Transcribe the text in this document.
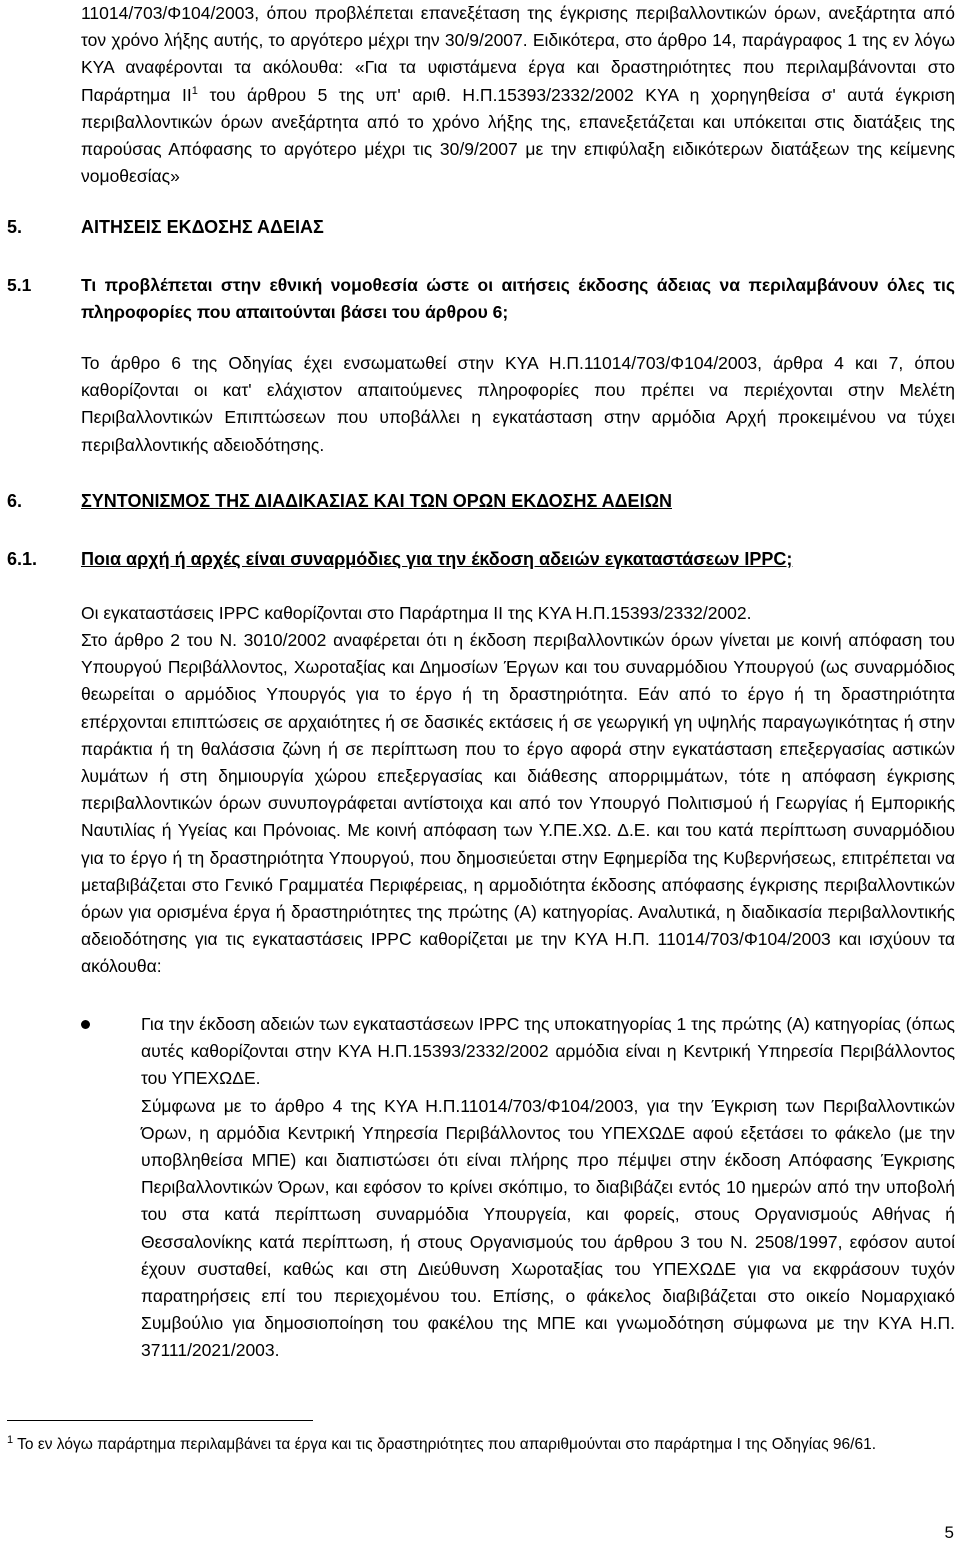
11014/703/Φ104/2003, όπου προβλέπεται επανεξέταση της έγκρισης περιβαλλοντικών όρων, ανεξάρτητα από τον χρόνο λήξης αυτής, το αργότερο μέχρι την 30/9/2007. Ειδικότερα, στο άρθρο 14, παράγραφος 1 της εν λόγω ΚΥΑ αναφέρονται τα ακόλουθα: «Για τα υφιστάμενα έργα και δραστηριότητες που περιλαμβάνονται στο Παράρτημα $II^1$ του άρθρου 5 της υπ' αριθ. Η.Π.15393/2332/2002 ΚΥΑ η χορηγηθείσα σ' αυτά έγκριση περιβαλλοντικών όρων ανεξάρτητα από το χρόνο λήξης της, επανεξετάζεται και υπόκειται στις διατάξεις της παρούσας Απόφασης το αργότερο μέχρι τις 30/9/2007 με την επιφύλαξη ειδικότερων διατάξεων της κείμενης νομοθεσίας»

5.	ΑΙΤΗΣΕΙΣ ΕΚΔΟΣΗΣ ΑΔΕΙΑΣ
5.1	Τι προβλέπεται στην εθνική νομοθεσία ώστε οι αιτήσεις έκδοσης άδειας να περιλαμβάνουν όλες τις πληροφορίες που απαιτούνται βάσει του άρθρου 6;

Το άρθρο 6 της Οδηγίας έχει ενσωματωθεί στην ΚΥΑ Η.Π.11014/703/Φ104/2003, άρθρα 4 και 7, όπου καθορίζονται οι κατ' ελάχιστον απαιτούμενες πληροφορίες που πρέπει να περιέχονται στην Μελέτη Περιβαλλοντικών Επιπτώσεων που υποβάλλει η εγκατάσταση στην αρμόδια Αρχή προκειμένου να τύχει περιβαλλοντικής αδειοδότησης.

6.	ΣΥΝΤΟΝΙΣΜΟΣ ΤΗΣ ΔΙΑΔΙΚΑΣΙΑΣ ΚΑΙ ΤΩΝ ΟΡΩΝ ΕΚΔΟΣΗΣ ΑΔΕΙΩΝ
6.1. Ποια αρχή ή αρχές είναι συναρμόδιες για την έκδοση αδειών εγκαταστάσεων IPPC;

Οι εγκαταστάσεις IPPC καθορίζονται στο Παράρτημα ΙΙ της ΚΥΑ Η.Π.15393/2332/2002.

Στο άρθρο 2 του Ν. 3010/2002 αναφέρεται ότι η έκδοση περιβαλλοντικών όρων γίνεται με κοινή απόφαση του Υπουργού Περιβάλλοντος, Χωροταξίας και Δημοσίων Έργων και του συναρμόδιου Υπουργού (ως συναρμόδιος θεωρείται ο αρμόδιος Υπουργός για το έργο ή τη δραστηριότητα. Εάν από το έργο ή τη δραστηριότητα επέρχονται επιπτώσεις σε αρχαιότητες ή σε δασικές εκτάσεις ή σε γεωργική γη υψηλής παραγωγικότητας ή στην παράκτια ή τη θαλάσσια ζώνη ή σε περίπτωση που το έργο αφορά στην εγκατάσταση επεξεργασίας αστικών λυμάτων ή στη δημιουργία χώρου επεξεργασίας και διάθεσης απορριμμάτων, τότε η απόφαση έγκρισης περιβαλλοντικών όρων συνυπογράφεται αντίστοιχα και από τον Υπουργό Πολιτισμού ή Γεωργίας ή Εμπορικής Ναυτιλίας ή Υγείας και Πρόνοιας. Με κοινή απόφαση των Υ.ΠΕ.ΧΩ. Δ.Ε. και του κατά περίπτωση συναρμόδιου για το έργο ή τη δραστηριότητα Υπουργού, που δημοσιεύεται στην Εφημερίδα της Κυβερνήσεως, επιτρέπεται να μεταβιβάζεται στο Γενικό Γραμματέα Περιφέρειας, η αρμοδιότητα έκδοσης απόφασης έγκρισης περιβαλλοντικών όρων για ορισμένα έργα ή δραστηριότητες της πρώτης (Α) κατηγορίας. Αναλυτικά, η διαδικασία περιβαλλοντικής αδειοδότησης για τις εγκαταστάσεις IPPC καθορίζεται με την ΚΥΑ Η.Π. 11014/703/Φ104/2003 και ισχύουν τα ακόλουθα:

Για την έκδοση αδειών των εγκαταστάσεων IPPC της υποκατηγορίας 1 της πρώτης (Α) κατηγορίας (όπως αυτές καθορίζονται στην ΚΥΑ Η.Π.15393/2332/2002 αρμόδια είναι η Κεντρική Υπηρεσία Περιβάλλοντος του ΥΠΕΧΩΔΕ.

Σύμφωνα με το άρθρο 4 της ΚΥΑ Η.Π.11014/703/Φ104/2003, για την Έγκριση των Περιβαλλοντικών Όρων, η αρμόδια Κεντρική Υπηρεσία Περιβάλλοντος του ΥΠΕΧΩΔΕ αφού εξετάσει το φάκελο (με την υποβληθείσα ΜΠΕ) και διαπιστώσει ότι είναι πλήρης προ πέμψει στην έκδοση Απόφασης Έγκρισης Περιβαλλοντικών Όρων, και εφόσον το κρίνει σκόπιμο, το διαβιβάζει εντός 10 ημερών από την υποβολή του στα κατά περίπτωση συναρμόδια Υπουργεία, και φορείς, στους Οργανισμούς Αθήνας ή Θεσσαλονίκης κατά περίπτωση, ή στους Οργανισμούς του άρθρου 3 του Ν. 2508/1997, εφόσον αυτοί έχουν συσταθεί, καθώς και στη Διεύθυνση Χωροταξίας του ΥΠΕΧΩΔΕ για να εκφράσουν τυχόν παρατηρήσεις επί του περιεχομένου του. Επίσης, ο φάκελος διαβιβάζεται στο οικείο Νομαρχιακό Συμβούλιο για δημοσιοποίηση του φακέλου της ΜΠΕ και γνωμοδότηση σύμφωνα με την ΚΥΑ Η.Π. 37111/2021/2003.

$^1$ Το εν λόγω παράρτημα περιλαμβάνει τα έργα και τις δραστηριότητες που απαριθμούνται στο παράρτημα Ι της Οδηγίας 96/61.

5
